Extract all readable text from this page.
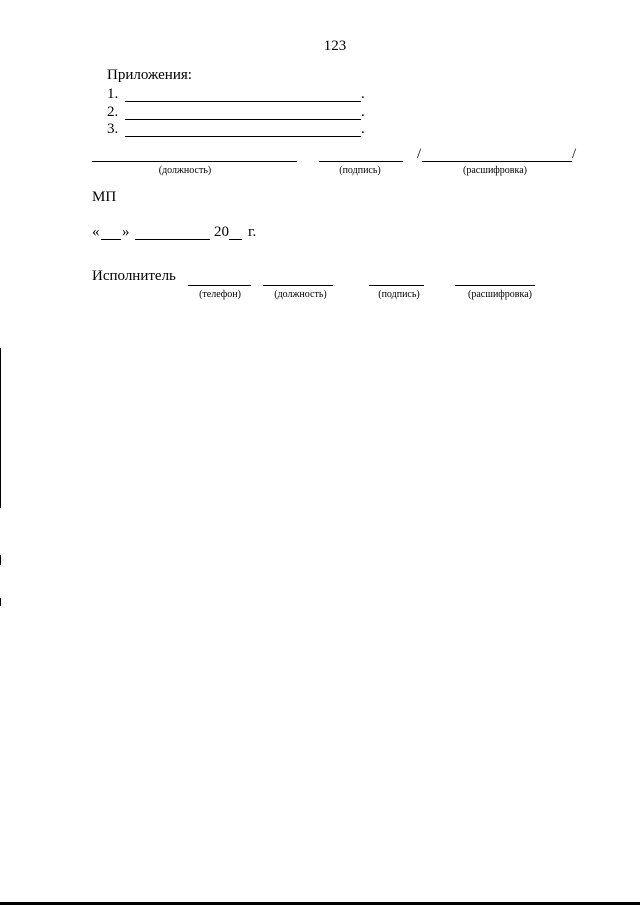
123
Приложения:
1.	.
2.	.
3.	.
(должность)	(подпись)
/	/
(расшифровка)
МП
« »	20 г.
Исполнитель
(телефон)	(должность)	(подпись)	(расшифровка)
